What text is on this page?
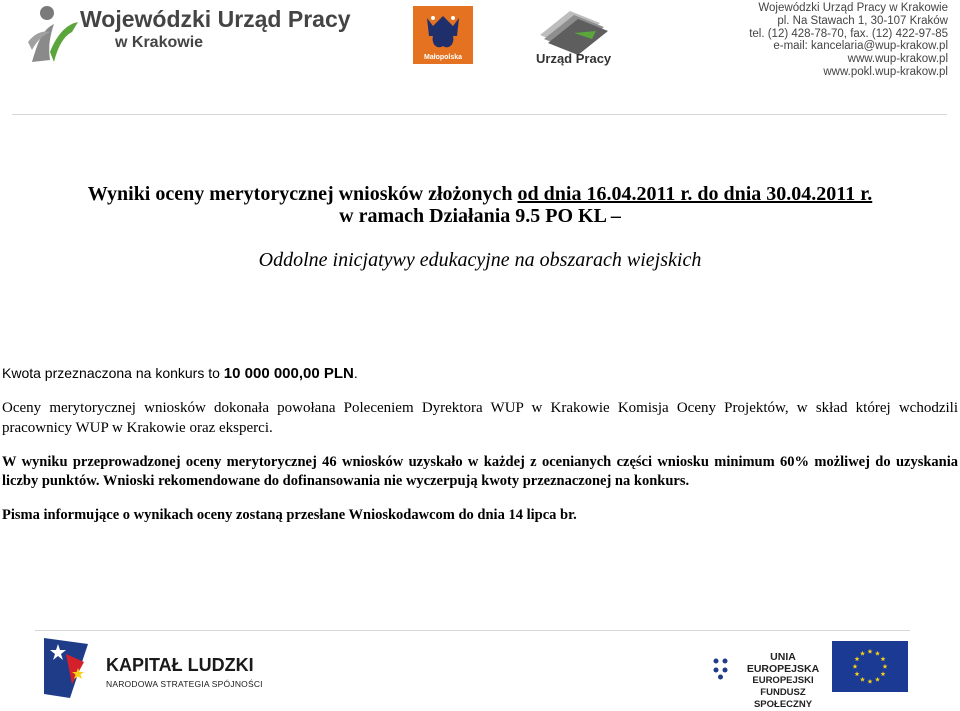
Wojewódzki Urząd Pracy
w Krakowie
Małopolska	Urząd Pracy
Wojewódzki Urząd Pracy w Krakowie
pl. Na Stawach 1, 30-107 Kraków
tel. (12) 428-78-70, fax. (12) 422-97-85
e-mail: kancelaria@wup-krakow.pl
www.wup-krakow.pl
www.pokl.wup-krakow.pl
Wyniki oceny merytorycznej wniosków złożonych od dnia 16.04.2011 r. do dnia 30.04.2011 r.
w ramach Działania 9.5 PO KL –
Oddolne inicjatywy edukacyjne na obszarach wiejskich
Kwota przeznaczona na konkurs to 10 000 000,00 PLN.
Oceny merytorycznej wniosków dokonała powołana Poleceniem Dyrektora WUP w Krakowie Komisja Oceny Projektów, w skład której wchodzili pracownicy WUP w Krakowie oraz eksperci.
W wyniku przeprowadzonej oceny merytorycznej 46 wniosków uzyskało w każdej z ocenianych części wniosku minimum 60% możliwej do uzyskania liczby punktów. Wnioski rekomendowane do dofinansowania nie wyczerpują kwoty przeznaczonej na konkurs.
Pisma informujące o wynikach oceny zostaną przesłane Wnioskodawcom do dnia 14 lipca br.
KAPITAŁ LUDZKI
NARODOWA STRATEGIA SPÓJNOŚCI
UNIA EUROPEJSKA
EUROPEJSKI
FUNDUSZ SPOŁECZNY
